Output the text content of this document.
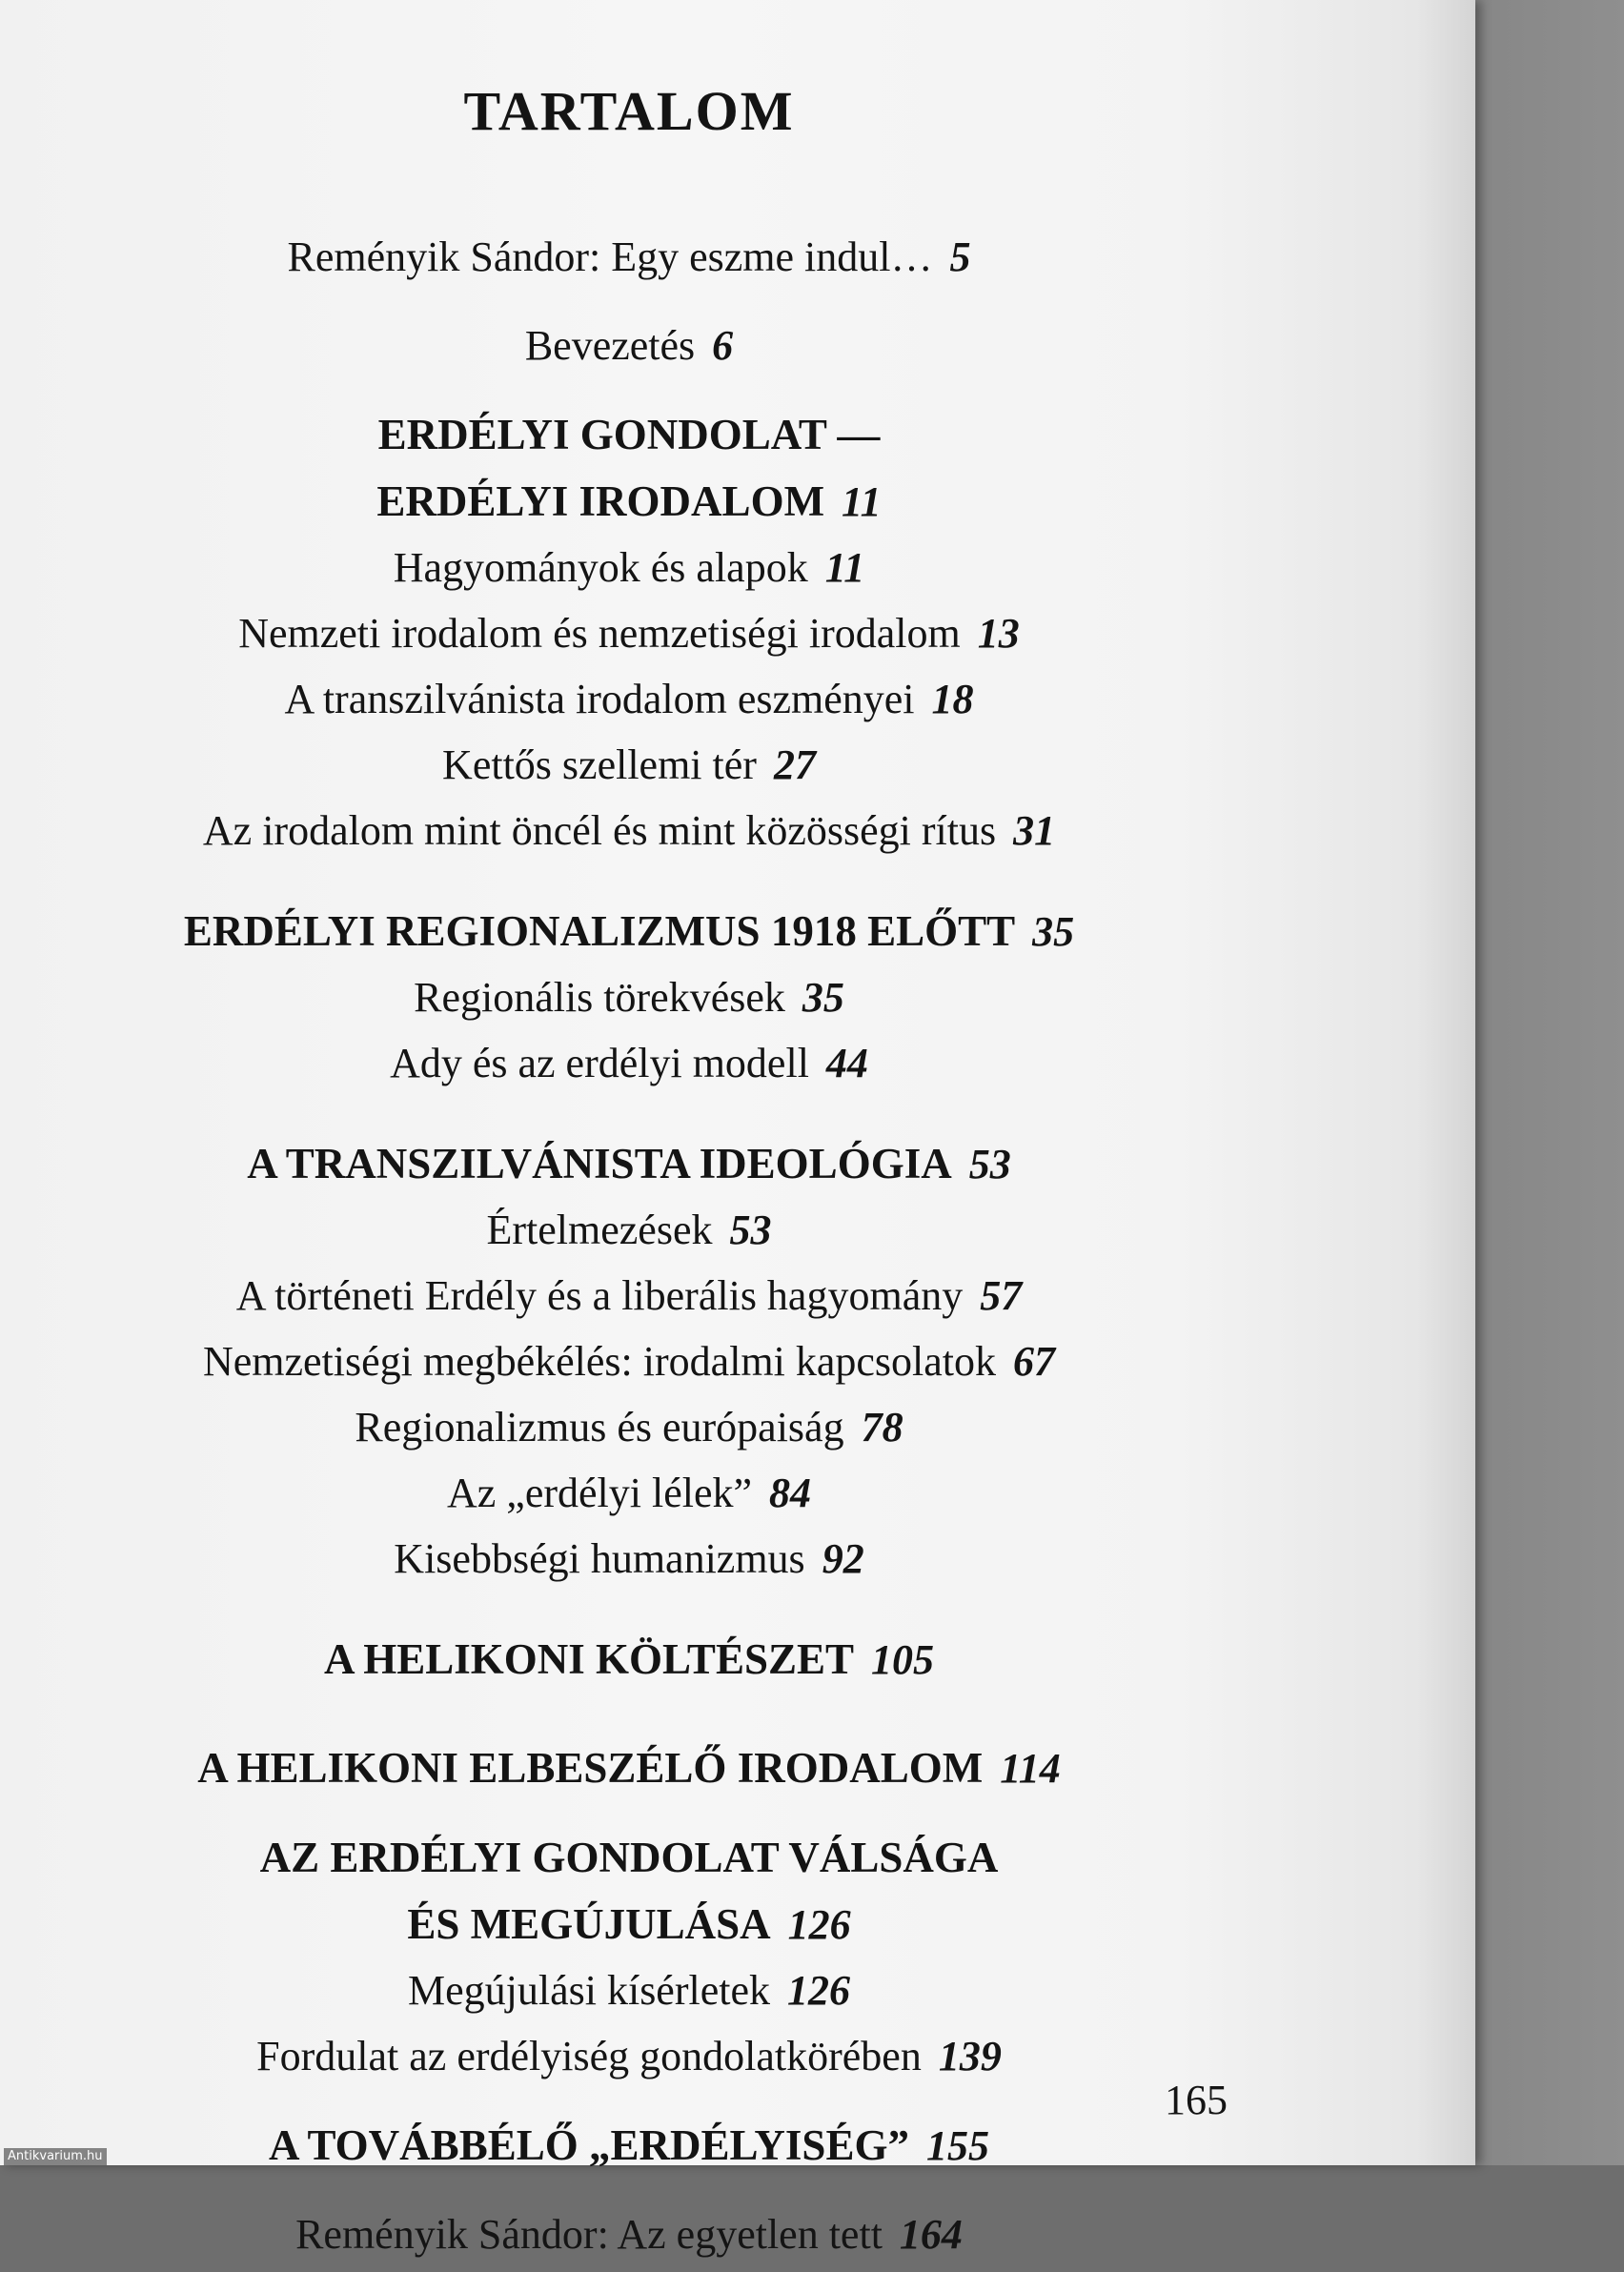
TARTALOM
Reményik Sándor: Egy eszme indul… 5
Bevezetés 6
ERDÉLYI GONDOLAT —
ERDÉLYI IRODALOM 11
Hagyományok és alapok 11
Nemzeti irodalom és nemzetiségi irodalom 13
A transzilvánista irodalom eszményei 18
Kettős szellemi tér 27
Az irodalom mint öncél és mint közösségi rítus 31
ERDÉLYI REGIONALIZMUS 1918 ELŐTT 35
Regionális törekvések 35
Ady és az erdélyi modell 44
A TRANSZILVÁNISTA IDEOLÓGIA 53
Értelmezések 53
A történeti Erdély és a liberális hagyomány 57
Nemzetiségi megbékélés: irodalmi kapcsolatok 67
Regionalizmus és európaiság 78
Az „erdélyi lélek” 84
Kisebbségi humanizmus 92
A HELIKONI KÖLTÉSZET 105
A HELIKONI ELBESZÉLŐ IRODALOM 114
AZ ERDÉLYI GONDOLAT VÁLSÁGA
ÉS MEGÚJULÁSA 126
Megújulási kísérletek 126
Fordulat az erdélyiség gondolatkörében 139
A TOVÁBBÉLŐ „ERDÉLYISÉG” 155
Reményik Sándor: Az egyetlen tett 164
165
Antikvarium.hu
